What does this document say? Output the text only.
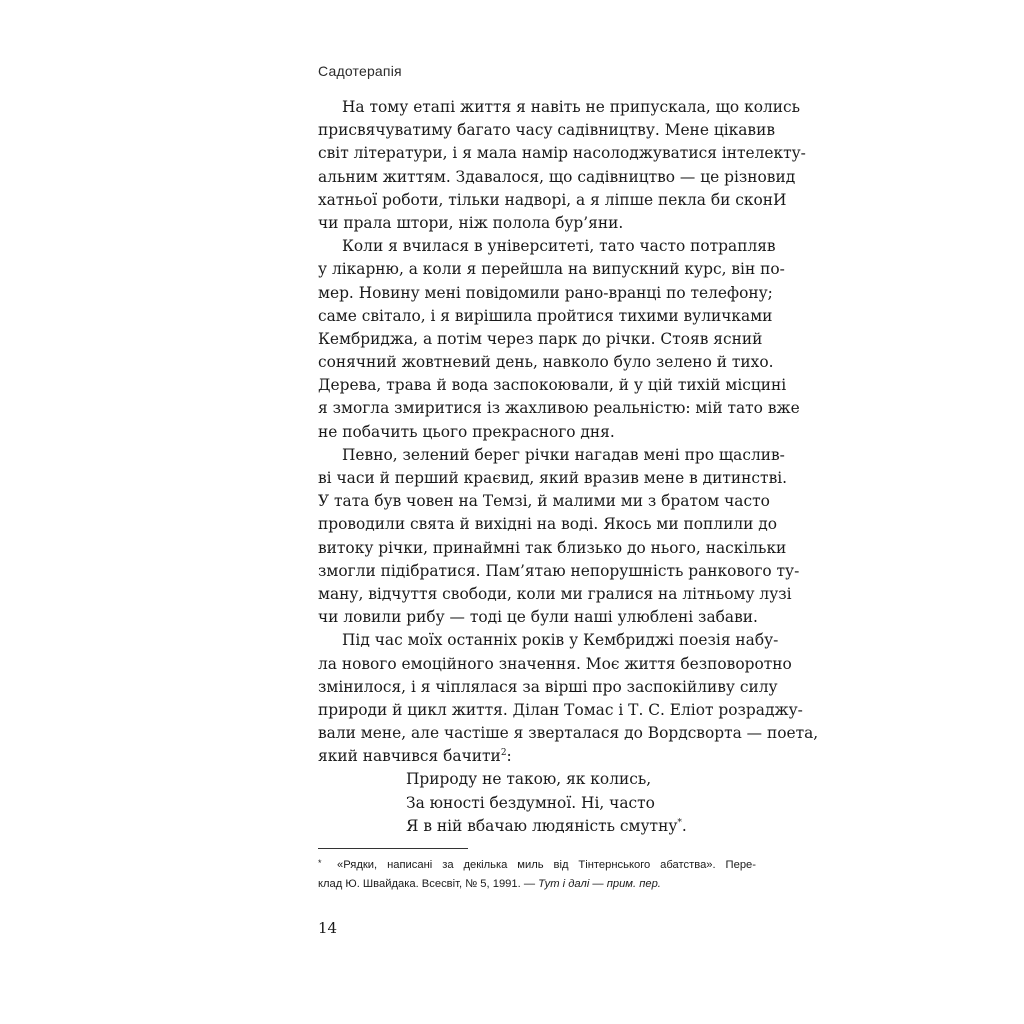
Садотерапія
На тому етапі життя я навіть не припускала, що колись
присвячуватиму багато часу садівництву. Мене цікавив
світ літератури, і я мала намір насолоджуватися інтелекту-
альним життям. Здавалося, що садівництво — це різновид
хатньої роботи, тільки надворі, а я ліпше пекла би сконИ
чи прала штори, ніж полола бур’яни.
Коли я вчилася в університеті, тато часто потрапляв
у лікарню, а коли я перейшла на випускний курс, він по-
мер. Новину мені повідомили рано-вранці по телефону;
саме світало, і я вирішила пройтися тихими вуличками
Кембриджа, а потім через парк до річки. Стояв ясний
сонячний жовтневий день, навколо було зелено й тихо.
Дерева, трава й вода заспокоювали, й у цій тихій місцині
я змогла змиритися із жахливою реальністю: мій тато вже
не побачить цього прекрасного дня.
Певно, зелений берег річки нагадав мені про щаслив-
ві часи й перший краєвид, який вразив мене в дитинстві.
У тата був човен на Темзі, й малими ми з братом часто
проводили свята й вихідні на воді. Якось ми поплили до
витоку річки, принаймні так близько до нього, наскільки
змогли підібратися. Пам’ятаю непорушність ранкового ту-
ману, відчуття свободи, коли ми гралися на літньому лузі
чи ловили рибу — тоді це були наші улюблені забави.
Під час моїх останніх років у Кембриджі поезія набу-
ла нового емоційного значення. Моє життя безповоротно
змінилося, і я чіплялася за вірші про заспокійливу силу
природи й цикл життя. Ділан Томас і Т. С. Еліот розраджу-
вали мене, але частіше я зверталася до Вордсворта — поета,
який навчився бачити$^2$:
Природу не такою, як колись,
За юності бездумної. Ні, часто
Я в ній вбачаю людяність смутну*.
*	«Рядки, написані за декілька миль від Тінтернського абатства». Пере-
клад Ю. Швайдака. Всесвіт, № 5, 1991. — Тут і далі — прим. пер.
14
